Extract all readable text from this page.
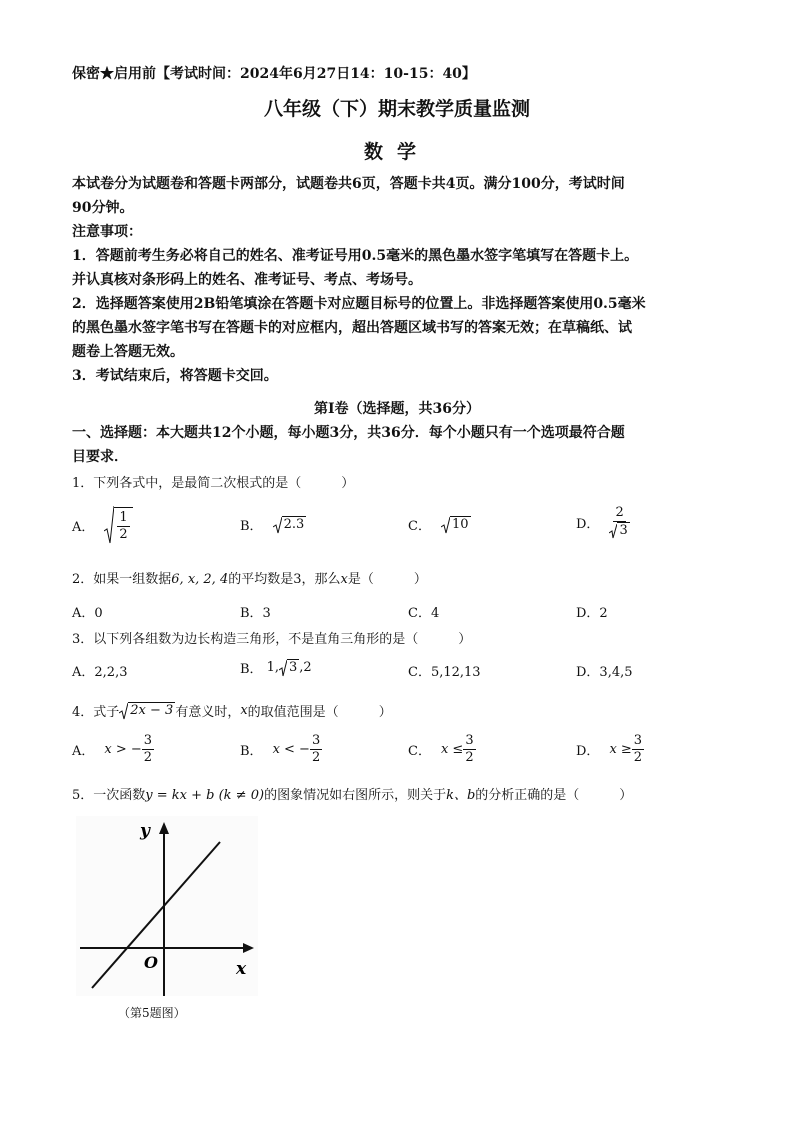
保密★启用前【考试时间：2024年6月27日14：10-15：40】
八年级（下）期末教学质量监测
数学
本试卷分为试题卷和答题卡两部分，试题卷共6页，答题卡共4页。满分100分，考试时间
90分钟。
注意事项：
1．答题前考生务必将自己的姓名、准考证号用0.5毫米的黑色墨水签字笔填写在答题卡上。
并认真核对条形码上的姓名、准考证号、考点、考场号。
2．选择题答案使用2B铅笔填涂在答题卡对应题目标号的位置上。非选择题答案使用0.5毫米
的黑色墨水签字笔书写在答题卡的对应框内，超出答题区域书写的答案无效；在草稿纸、试
题卷上答题无效。
3．考试结束后，将答题卡交回。
第Ⅰ卷（选择题，共36分）
一、选择题：本大题共12个小题，每小题3分，共36分．每个小题只有一个选项最符合题
目要求．
1．下列各式中，是最简二次根式的是（	）
A． $\frac{1}{2}$	B． 2.3	C． 10	D． $\frac{2}{3}$
2．如果一组数据6, x, 2, 4的平均数是3，那么x是（	）
A．0	B．3	C．4	D．2
3．以下列各组数为边长构造三角形，不是直角三角形的是（	）
A．2,2,3	B． 1, 3 ,2	C．5,12,13	D．3,4,5
4．式子 2x − 3 有意义时， x 的取值范围是（	）
A． x > − $\frac{3}{2}$	B． x < − $\frac{3}{2}$	C． $x \le \frac{3}{2}$	D． $x \ge \frac{3}{2}$
5．一次函数y = kx + b (k ≠ 0)的图象情况如右图所示，则关于k、b的分析正确的是（	）
y
x
O
（第5题图）
